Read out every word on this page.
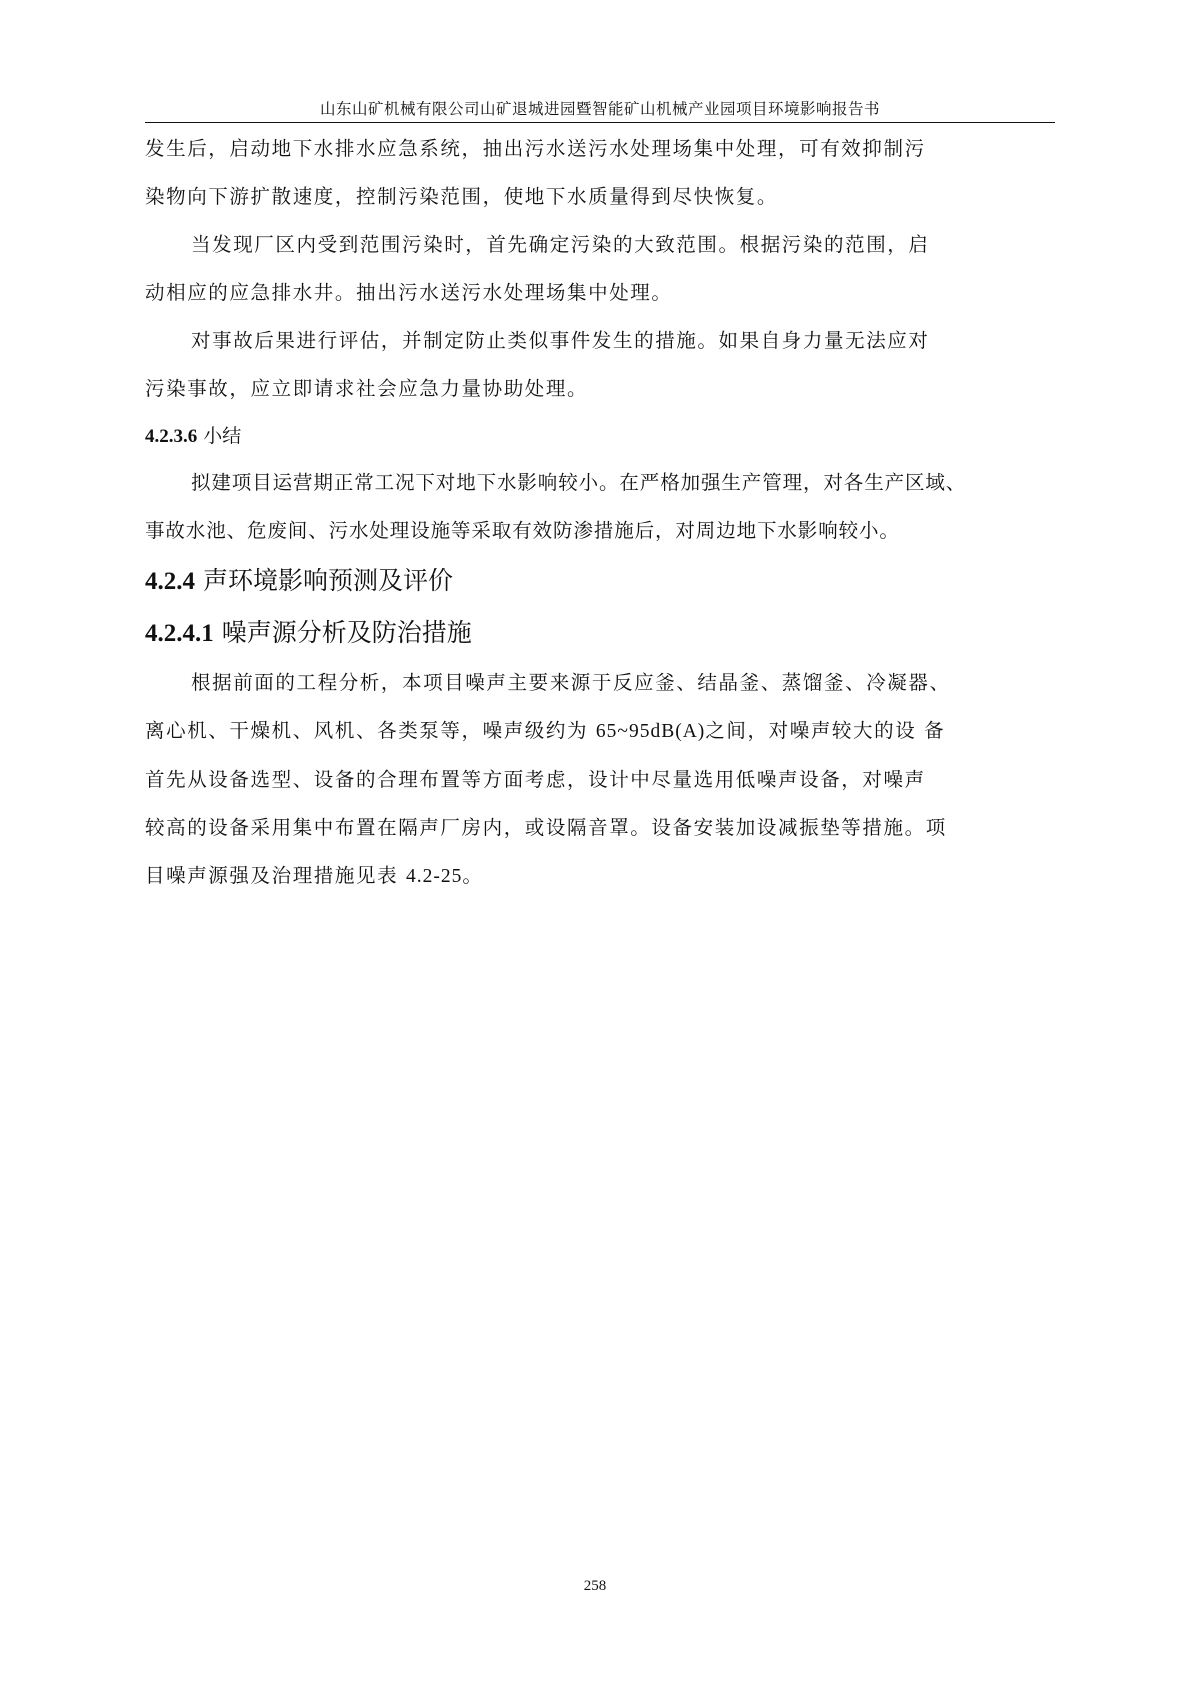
山东山矿机械有限公司山矿退城进园暨智能矿山机械产业园项目环境影响报告书

发生后，启动地下水排水应急系统，抽出污水送污水处理场集中处理，可有效抑制污
染物向下游扩散速度，控制污染范围，使地下水质量得到尽快恢复。

当发现厂区内受到范围污染时，首先确定污染的大致范围。根据污染的范围，启
动相应的应急排水井。抽出污水送污水处理场集中处理。

对事故后果进行评估，并制定防止类似事件发生的措施。如果自身力量无法应对
污染事故，应立即请求社会应急力量协助处理。

4.2.3.6 小结

拟建项目运营期正常工况下对地下水影响较小。在严格加强生产管理，对各生产区域、
事故水池、危废间、污水处理设施等采取有效防渗措施后，对周边地下水影响较小。

4.2.4 声环境影响预测及评价
4.2.4.1 噪声源分析及防治措施

根据前面的工程分析，本项目噪声主要来源于反应釜、结晶釜、蒸馏釜、冷凝器、
离心机、干燥机、风机、各类泵等，噪声级约为 65~95dB(A)之间，对噪声较大的设 备
首先从设备选型、设备的合理布置等方面考虑，设计中尽量选用低噪声设备，对噪声
较高的设备采用集中布置在隔声厂房内，或设隔音罩。设备安装加设减振垫等措施。项
目噪声源强及治理措施见表 4.2-25。

258
